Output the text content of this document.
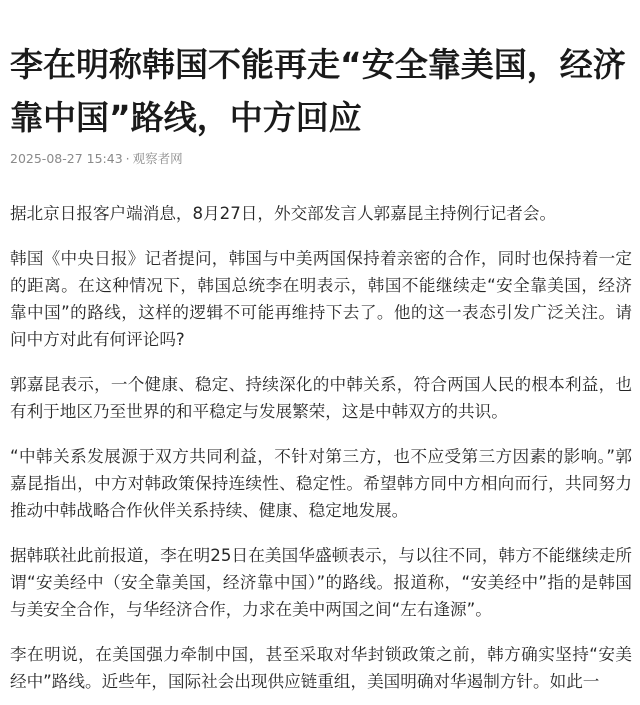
李在明称韩国不能再走“安全靠美国，经济靠中国”路线，中方回应
2025-08-27 15:43 · 观察者网

据北京日报客户端消息，8月27日，外交部发言人郭嘉昆主持例行记者会。

韩国《中央日报》记者提问，韩国与中美两国保持着亲密的合作，同时也保持着一定的距离。在这种情况下，韩国总统李在明表示，韩国不能继续走“安全靠美国，经济靠中国”的路线，这样的逻辑不可能再维持下去了。他的这一表态引发广泛关注。请问中方对此有何评论吗?

郭嘉昆表示，一个健康、稳定、持续深化的中韩关系，符合两国人民的根本利益，也有利于地区乃至世界的和平稳定与发展繁荣，这是中韩双方的共识。

“中韩关系发展源于双方共同利益，不针对第三方，也不应受第三方因素的影响。”郭嘉昆指出，中方对韩政策保持连续性、稳定性。希望韩方同中方相向而行，共同努力推动中韩战略合作伙伴关系持续、健康、稳定地发展。

据韩联社此前报道，李在明25日在美国华盛顿表示，与以往不同，韩方不能继续走所谓“安美经中（安全靠美国，经济靠中国）”的路线。报道称，“安美经中”指的是韩国与美安全合作，与华经济合作，力求在美中两国之间“左右逢源”。

李在明说，在美国强力牵制中国，甚至采取对华封锁政策之前，韩方确实坚持“安美经中”路线。近些年，国际社会出现供应链重组，美国明确对华遏制方针。如此一
